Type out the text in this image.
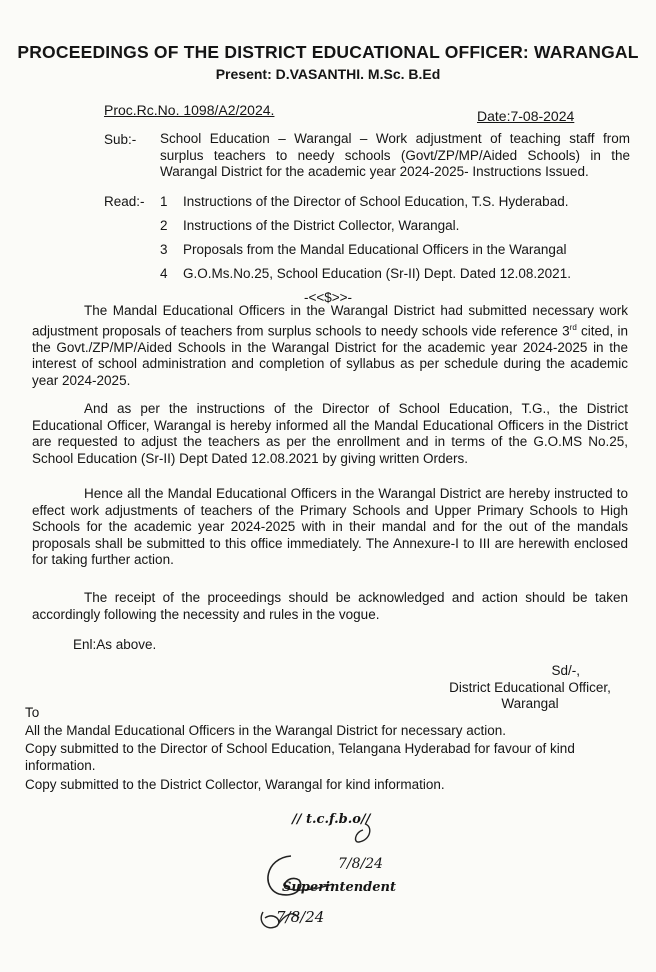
PROCEEDINGS OF THE DISTRICT EDUCATIONAL OFFICER: WARANGAL
Present: D.VASANTHI. M.Sc. B.Ed
Proc.Rc.No. 1098/A2/2024.	Date:7-08-2024
Sub:- School Education – Warangal – Work adjustment of teaching staff from surplus teachers to needy schools (Govt/ZP/MP/Aided Schools) in the Warangal District for the academic year 2024-2025- Instructions Issued.
Read:- 1	Instructions of the Director of School Education, T.S. Hyderabad.
2	Instructions of the District Collector, Warangal.
3	Proposals from the Mandal Educational Officers in the Warangal
4	G.O.Ms.No.25, School Education (Sr-II) Dept. Dated 12.08.2021.
-<<$>>-
The Mandal Educational Officers in the Warangal District had submitted necessary work adjustment proposals of teachers from surplus schools to needy schools vide reference 3rd cited, in the Govt./ZP/MP/Aided Schools in the Warangal District for the academic year 2024-2025 in the interest of school administration and completion of syllabus as per schedule during the academic year 2024-2025.
And as per the instructions of the Director of School Education, T.G., the District Educational Officer, Warangal is hereby informed all the Mandal Educational Officers in the District are requested to adjust the teachers as per the enrollment and in terms of the G.O.MS No.25, School Education (Sr-II) Dept Dated 12.08.2021 by giving written Orders.
Hence all the Mandal Educational Officers in the Warangal District are hereby instructed to effect work adjustments of teachers of the Primary Schools and Upper Primary Schools to High Schools for the academic year 2024-2025 with in their mandal and for the out of the mandals proposals shall be submitted to this office immediately. The Annexure-I to III are herewith enclosed for taking further action.
The receipt of the proceedings should be acknowledged and action should be taken accordingly following the necessity and rules in the vogue.
Enl:As above.
Sd/-,
District Educational Officer,
Warangal
To
All the Mandal Educational Officers in the Warangal District for necessary action.
Copy submitted to the Director of School Education, Telangana Hyderabad for favour of kind information.
Copy submitted to the District Collector, Warangal for kind information.
// t.c.f.b.o//
7/8/24
Superintendent
7/8/24
